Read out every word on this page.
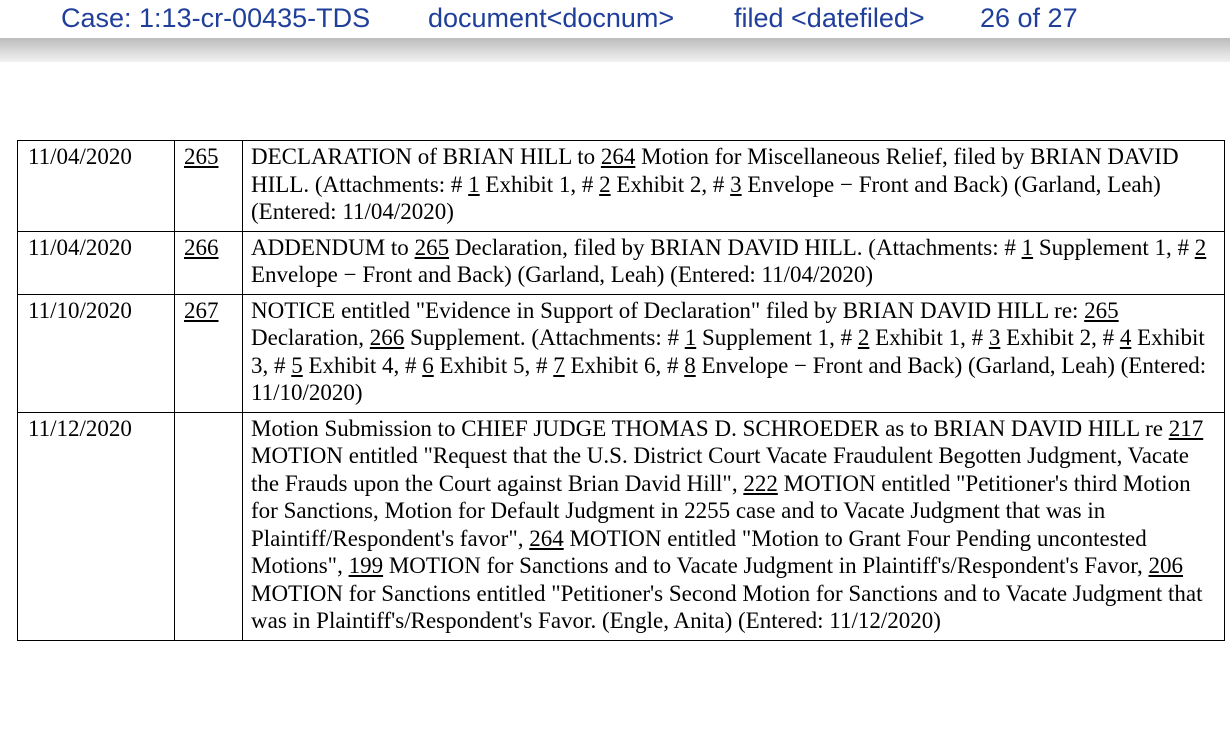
Case: 1:13-cr-00435-TDS document<docnum> filed <datefiled> 26 of 27
11/04/2020	265	DECLARATION of BRIAN HILL to 264 Motion for Miscellaneous Relief, filed by BRIAN DAVID HILL. (Attachments: # 1 Exhibit 1, # 2 Exhibit 2, # 3 Envelope − Front and Back) (Garland, Leah) (Entered: 11/04/2020)
11/04/2020	266	ADDENDUM to 265 Declaration, filed by BRIAN DAVID HILL. (Attachments: # 1 Supplement 1, # 2 Envelope − Front and Back) (Garland, Leah) (Entered: 11/04/2020)
11/10/2020	267	NOTICE entitled "Evidence in Support of Declaration" filed by BRIAN DAVID HILL re: 265 Declaration, 266 Supplement. (Attachments: # 1 Supplement 1, # 2 Exhibit 1, # 3 Exhibit 2, # 4 Exhibit 3, # 5 Exhibit 4, # 6 Exhibit 5, # 7 Exhibit 6, # 8 Envelope − Front and Back) (Garland, Leah) (Entered: 11/10/2020)
11/12/2020		Motion Submission to CHIEF JUDGE THOMAS D. SCHROEDER as to BRIAN DAVID HILL re 217 MOTION entitled "Request that the U.S. District Court Vacate Fraudulent Begotten Judgment, Vacate the Frauds upon the Court against Brian David Hill", 222 MOTION entitled "Petitioner's third Motion for Sanctions, Motion for Default Judgment in 2255 case and to Vacate Judgment that was in Plaintiff/Respondent's favor", 264 MOTION entitled "Motion to Grant Four Pending uncontested Motions", 199 MOTION for Sanctions and to Vacate Judgment in Plaintiff's/Respondent's Favor, 206 MOTION for Sanctions entitled "Petitioner's Second Motion for Sanctions and to Vacate Judgment that was in Plaintiff's/Respondent's Favor. (Engle, Anita) (Entered: 11/12/2020)
